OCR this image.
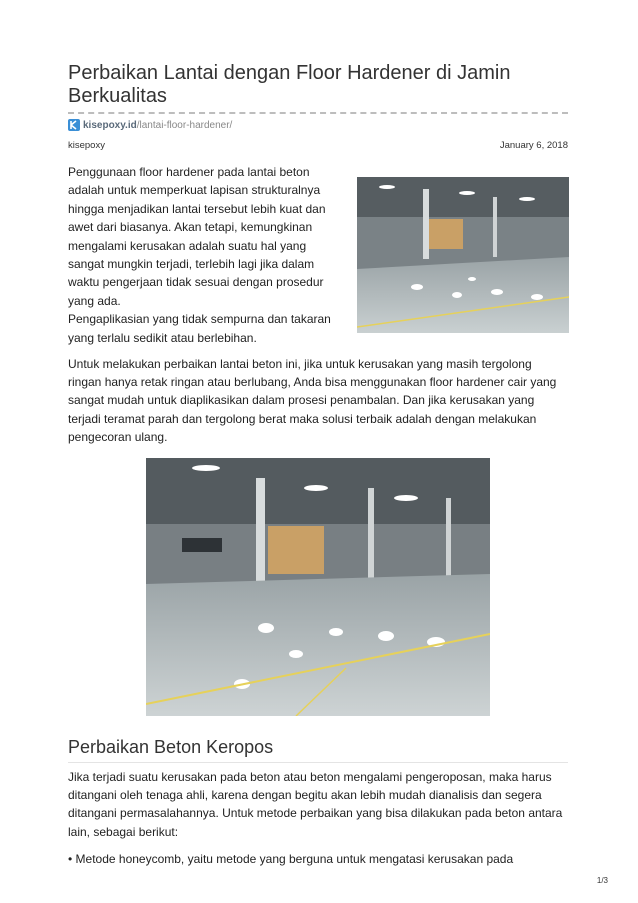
Perbaikan Lantai dengan Floor Hardener di Jamin Berkualitas
kisepoxy.id /lantai-floor-hardener/
kisepoxy	January 6, 2018

Penggunaan floor hardener pada lantai beton adalah untuk memperkuat lapisan strukturalnya hingga menjadikan lantai tersebut lebih kuat dan awet dari biasanya. Akan tetapi, kemungkinan mengalami kerusakan adalah suatu hal yang sangat mungkin terjadi, terlebih lagi jika dalam waktu pengerjaan tidak sesuai dengan prosedur yang ada.
Pengaplikasian yang tidak sempurna dan takaran yang terlalu sedikit atau berlebihan.

Untuk melakukan perbaikan lantai beton ini, jika untuk kerusakan yang masih tergolong ringan hanya retak ringan atau berlubang, Anda bisa menggunakan floor hardener cair yang sangat mudah untuk diaplikasikan dalam prosesi penambalan. Dan jika kerusakan yang terjadi teramat parah dan tergolong berat maka solusi terbaik adalah dengan melakukan pengecoran ulang.

Perbaikan Beton Keropos

Jika terjadi suatu kerusakan pada beton atau beton mengalami pengeroposan, maka harus ditangani oleh tenaga ahli, karena dengan begitu akan lebih mudah dianalisis dan segera ditangani permasalahannya. Untuk metode perbaikan yang bisa dilakukan pada beton antara lain, sebagai berikut:

• Metode honeycomb, yaitu metode yang berguna untuk mengatasi kerusakan pada

1/3
